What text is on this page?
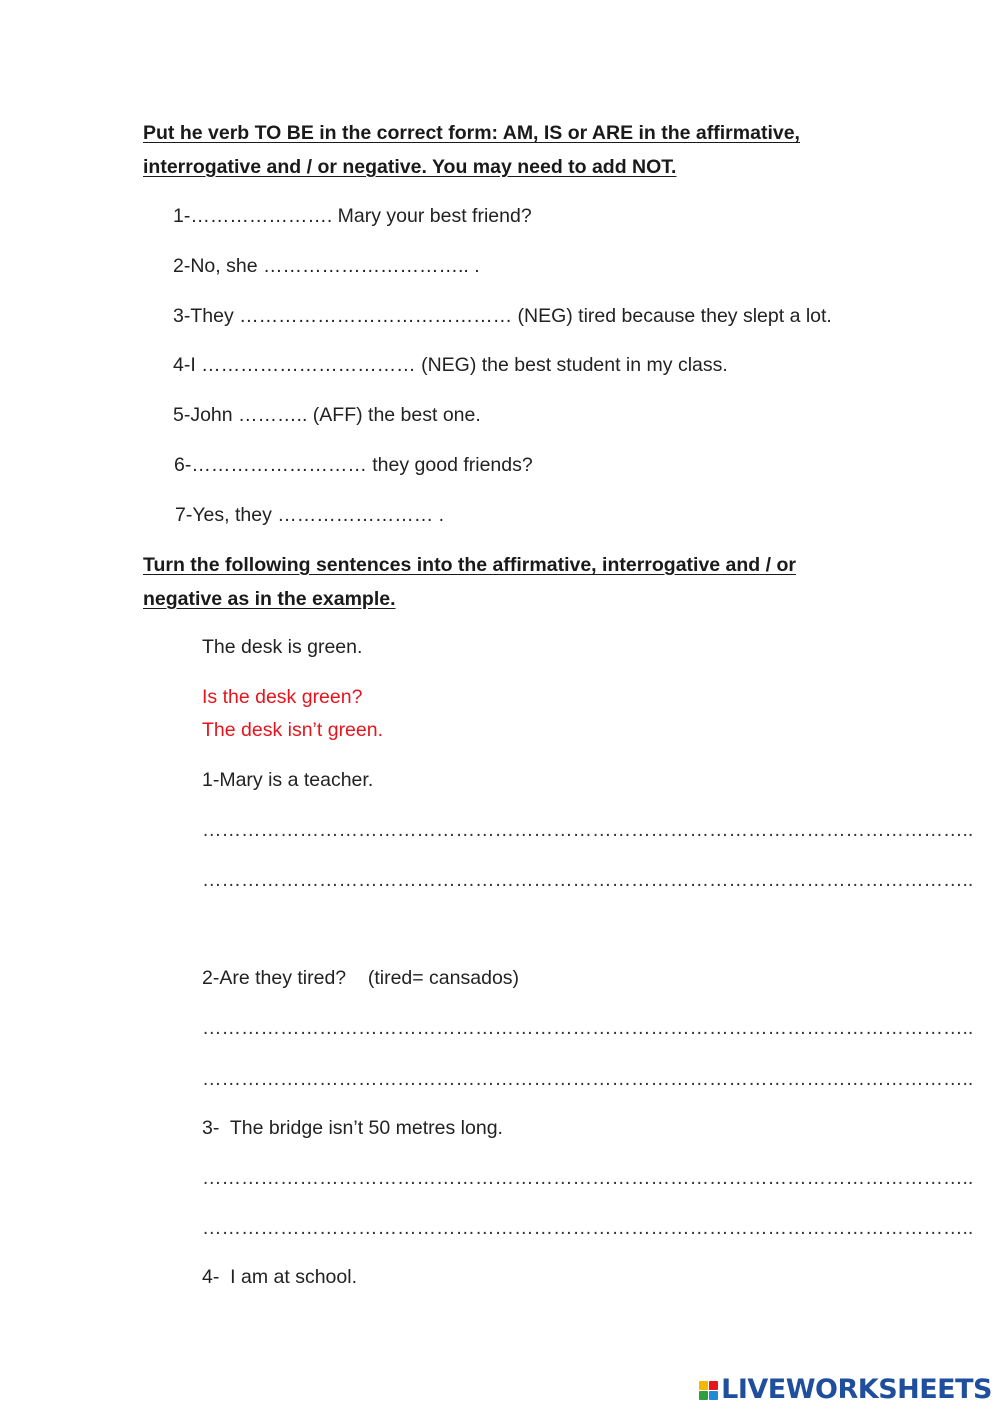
Put he verb TO BE in the correct form: AM, IS or ARE in the affirmative,
interrogative and / or negative. You may need to add NOT.
1-…………………. Mary your best friend?
2-No, she ………………………….. .
3-They …………………………………… (NEG) tired because they slept a lot.
4-I …………………………… (NEG) the best student in my class.
5-John ……….. (AFF) the best one.
6-……………………… they good friends?
7-Yes, they …………………… .
Turn the following sentences into the affirmative, interrogative and / or
negative as in the example.
The desk is green.
Is the desk green?
The desk isn’t green.
1-Mary is a teacher.
………………………………………………………………………………………………………..
………………………………………………………………………………………………………..
2-Are they tired?    (tired= cansados)
………………………………………………………………………………………………………..
………………………………………………………………………………………………………..
3-  The bridge isn’t 50 metres long.
………………………………………………………………………………………………………..
………………………………………………………………………………………………………..
4-  I am at school.
LIVEWORKSHEETS
